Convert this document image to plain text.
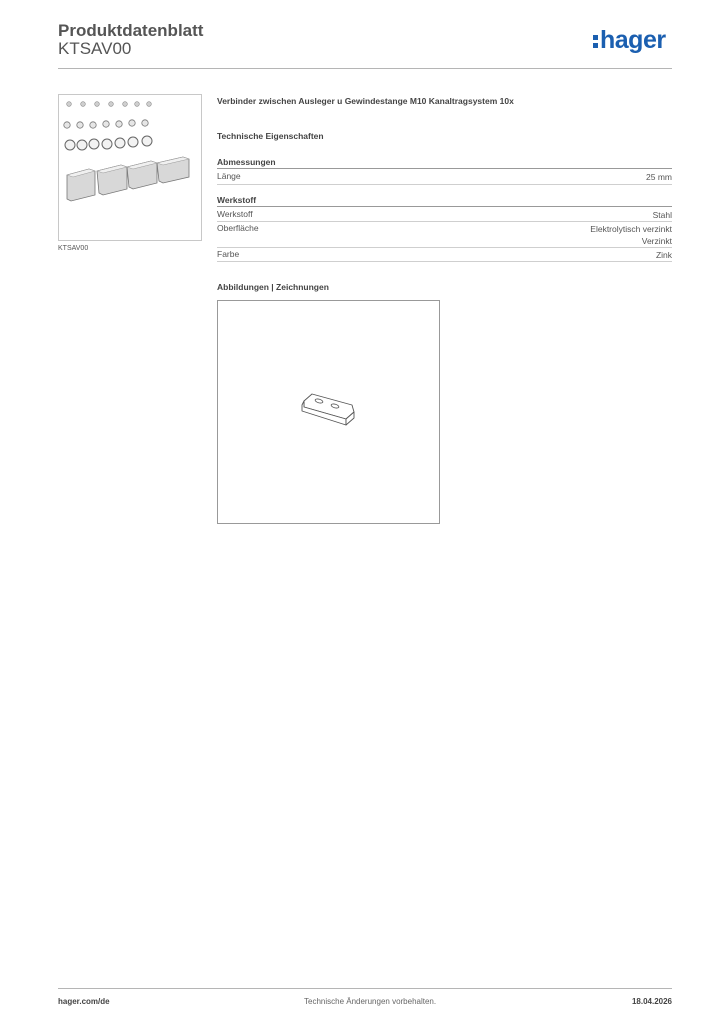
Produktdatenblatt
KTSAV00	hager
KTSAV00
Verbinder zwischen Ausleger u Gewindestange M10 Kanaltragsystem 10x
Technische Eigenschaften
Abmessungen
Länge	25 mm
Werkstoff
Werkstoff	Stahl
Oberfläche	Elektrolytisch verzinkt
Verzinkt
Farbe	Zink
Abbildungen | Zeichnungen
hager.com/de	Technische Änderungen vorbehalten.	18.04.2026
